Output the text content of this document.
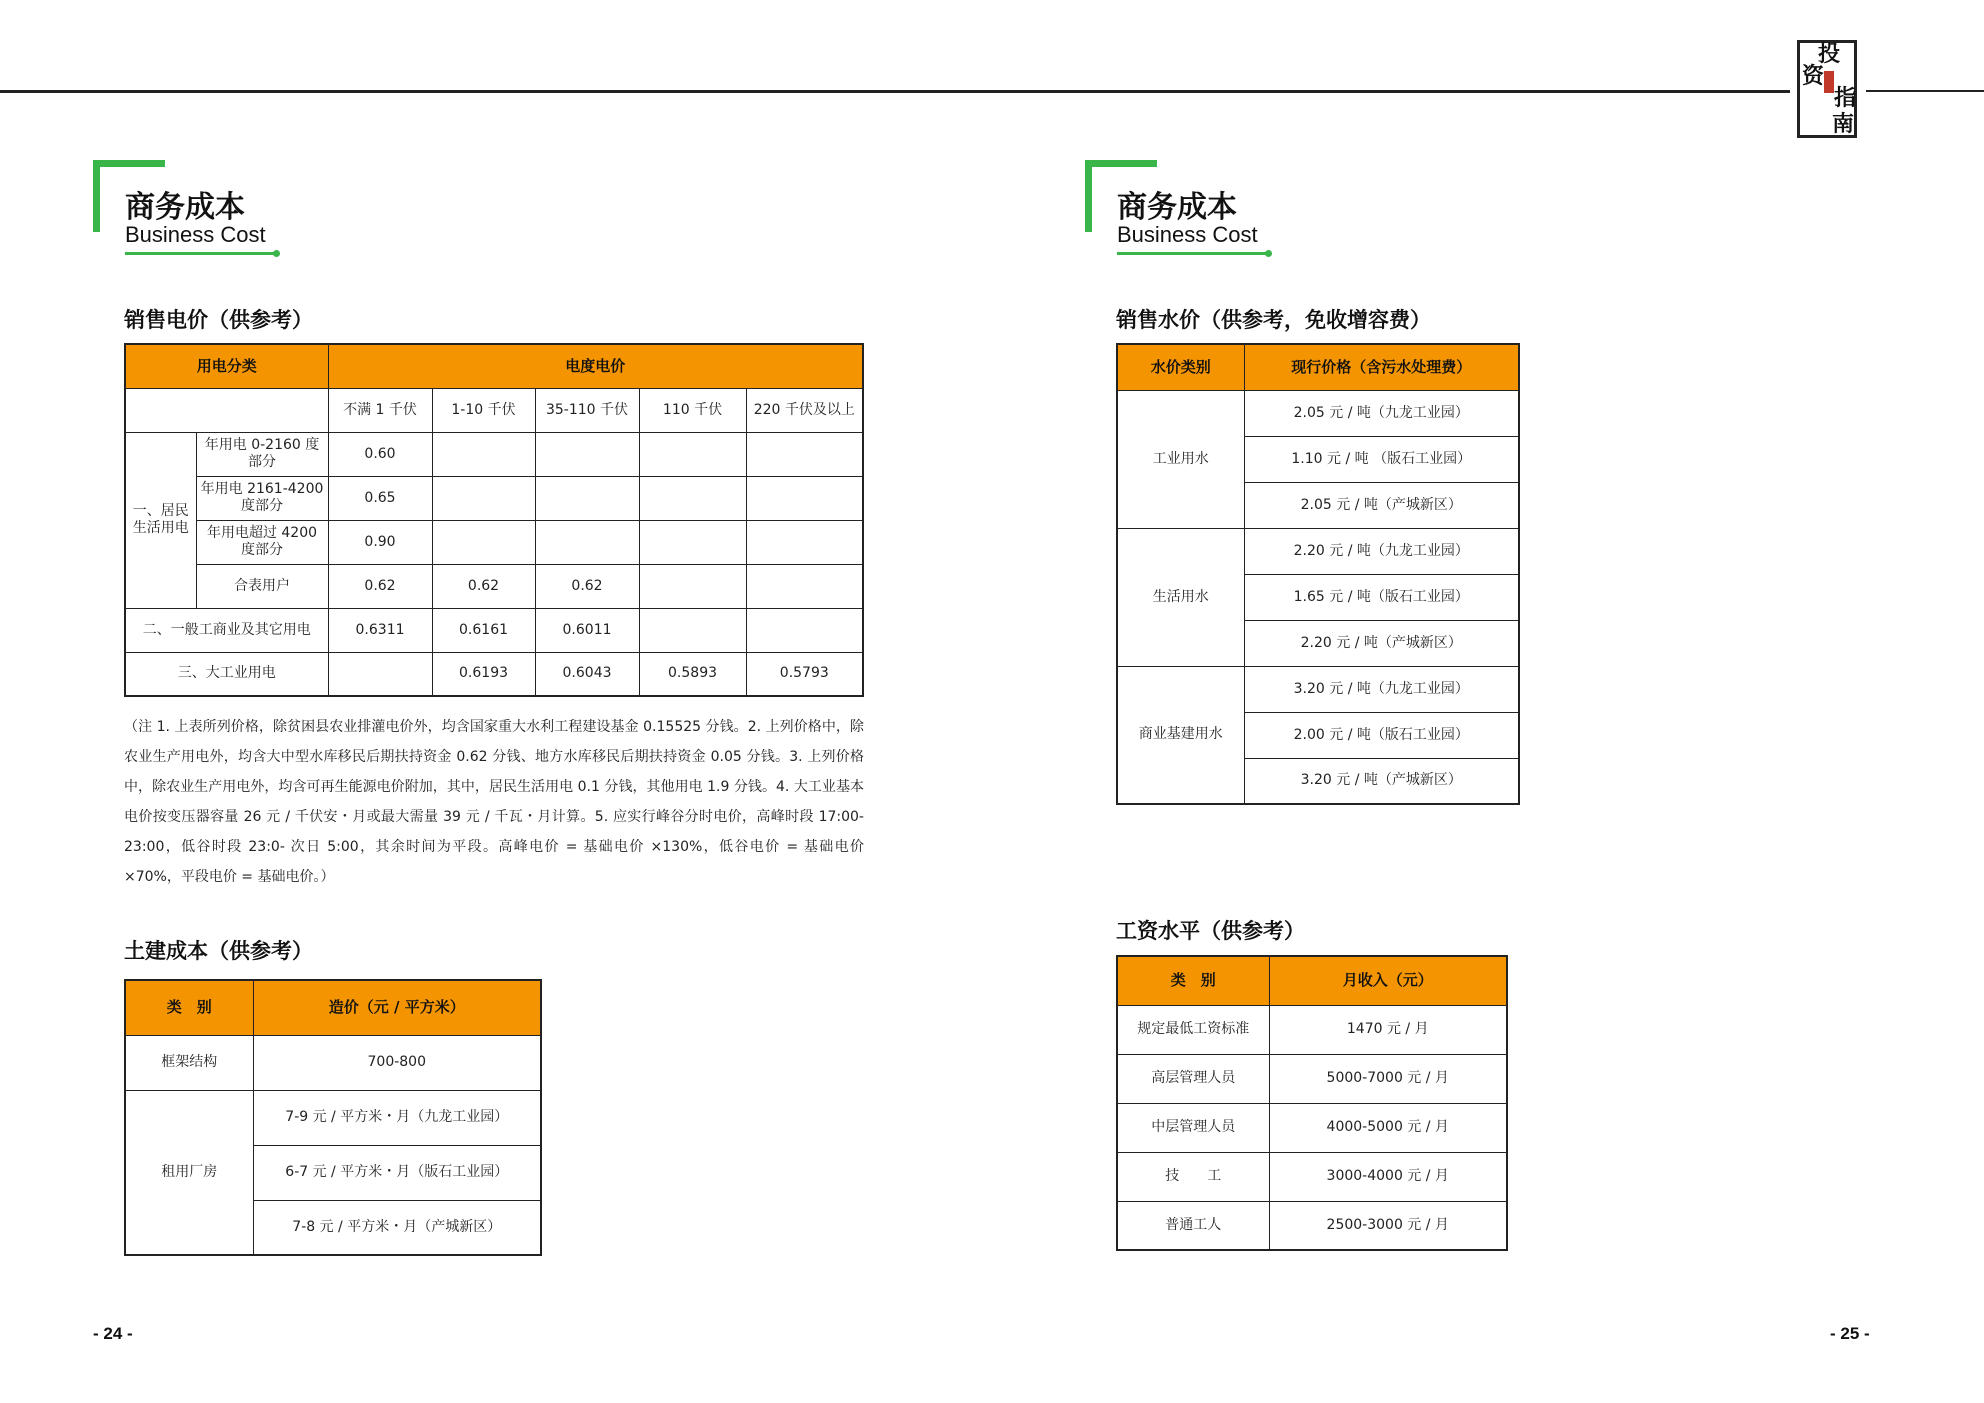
投
资
指
南
商务成本
Business Cost
销售电价（供参考）
用电分类		电度电价				
		不满 1 千伏	1-10 千伏	35-110 千伏	110 千伏	220 千伏及以上
一、居民生活用电	年用电 0-2160 度部分	0.60				
	年用电 2161-4200 度部分	0.65				
	年用电超过 4200 度部分	0.90				
	合表用户	0.62	0.62	0.62		
二、一般工商业及其它用电		0.6311	0.6161	0.6011		
三、大工业用电			0.6193	0.6043	0.5893	0.5793
（注 1. 上表所列价格，除贫困县农业排灌电价外，均含国家重大水利工程建设基金 0.15525 分钱。2. 上列价格中，除农业生产用电外，均含大中型水库移民后期扶持资金 0.62 分钱、地方水库移民后期扶持资金 0.05 分钱。3. 上列价格中，除农业生产用电外，均含可再生能源电价附加，其中，居民生活用电 0.1 分钱，其他用电 1.9 分钱。4. 大工业基本电价按变压器容量 26 元 / 千伏安・月或最大需量 39 元 / 千瓦・月计算。5. 应实行峰谷分时电价，高峰时段 17:00-23:00，低谷时段 23:0- 次日 5:00，其余时间为平段。高峰电价 = 基础电价 ×130%，低谷电价 = 基础电价 ×70%，平段电价 = 基础电价。）
土建成本（供参考）
类　别	造价（元 / 平方米）
框架结构	700-800
租用厂房	7-9 元 / 平方米・月（九龙工业园）
	6-7 元 / 平方米・月（版石工业园）
	7-8 元 / 平方米・月（产城新区）
- 24 -
商务成本
Business Cost
销售水价（供参考，免收增容费）
水价类别	现行价格（含污水处理费）
工业用水	2.05 元 / 吨（九龙工业园）
	1.10 元 / 吨 （版石工业园）
	2.05 元 / 吨（产城新区）
生活用水	2.20 元 / 吨（九龙工业园）
	1.65 元 / 吨（版石工业园）
	2.20 元 / 吨（产城新区）
商业基建用水	3.20 元 / 吨（九龙工业园）
	2.00 元 / 吨（版石工业园）
	3.20 元 / 吨（产城新区）
工资水平（供参考）
类　别	月收入（元）
规定最低工资标准	1470 元 / 月
高层管理人员	5000-7000 元 / 月
中层管理人员	4000-5000 元 / 月
技　　工	3000-4000 元 / 月
普通工人	2500-3000 元 / 月
- 25 -
